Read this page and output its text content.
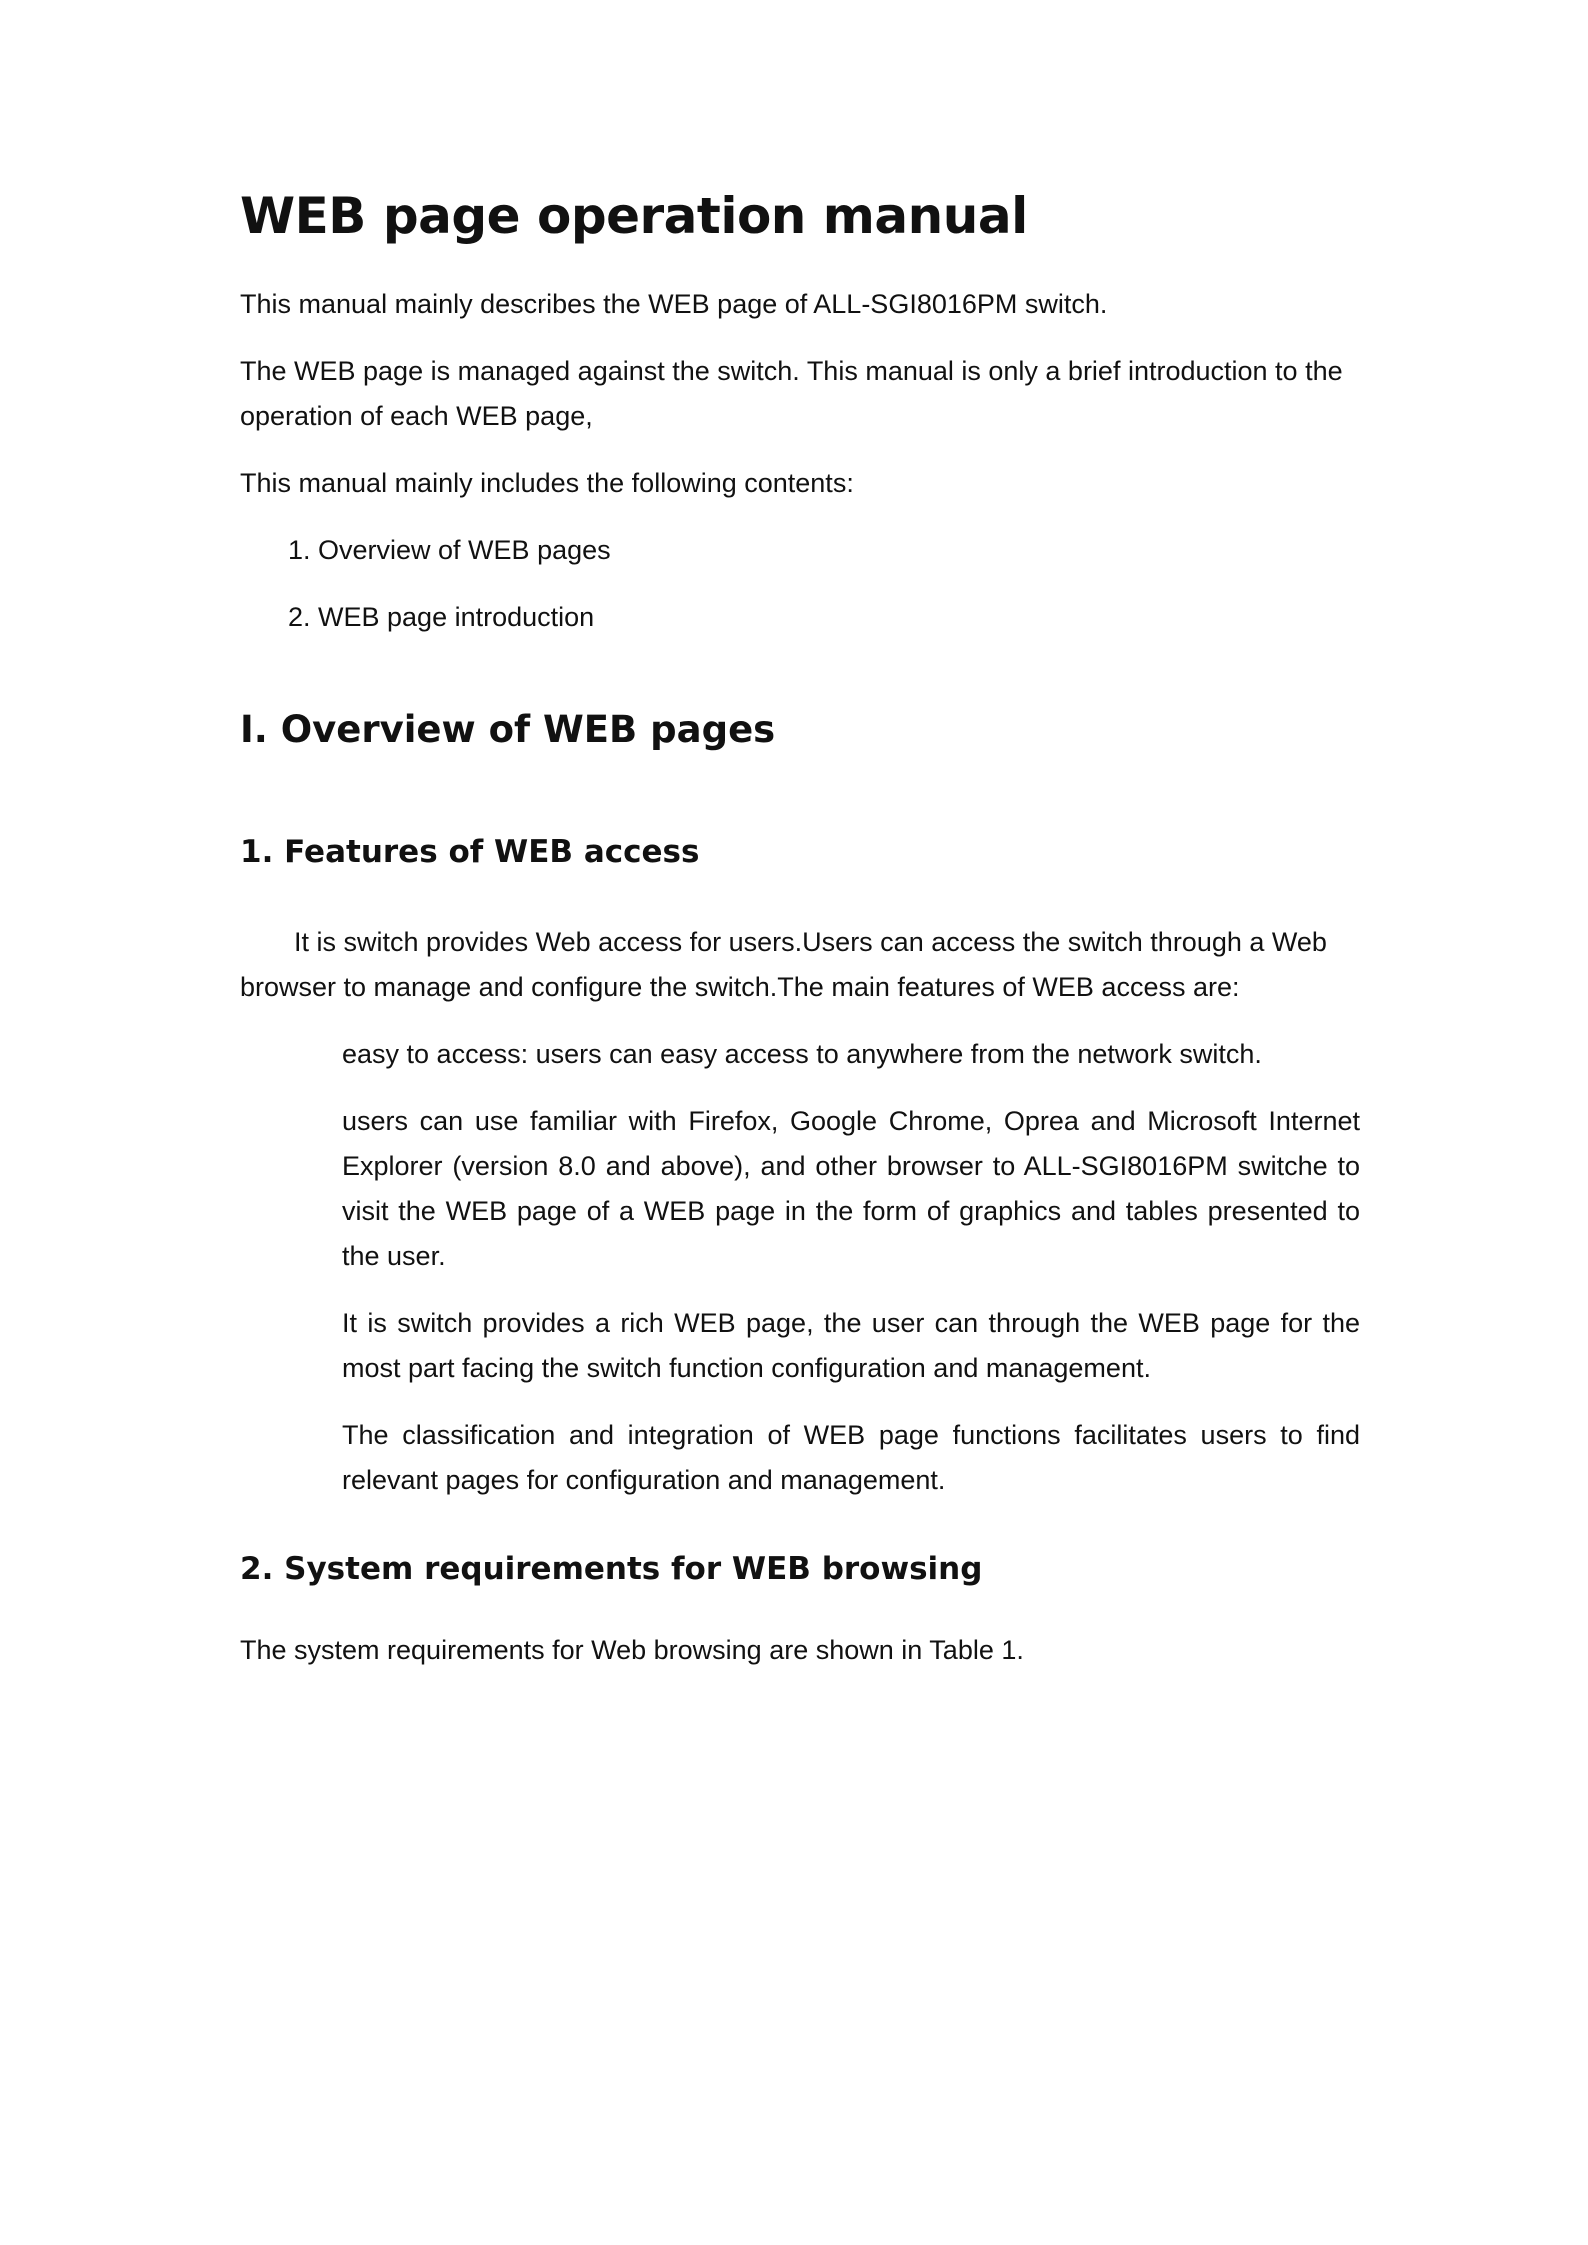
WEB page operation manual

This manual mainly describes the WEB page of ALL-SGI8016PM switch.

The WEB page is managed against the switch. This manual is only a brief introduction to the operation of each WEB page,

This manual mainly includes the following contents:

1. Overview of WEB pages
2. WEB page introduction
I. Overview of WEB pages
1. Features of WEB access

It is switch provides Web access for users.Users can access the switch through a Web browser to manage and configure the switch.The main features of WEB access are:

easy to access: users can easy access to anywhere from the network switch.
users can use familiar with Firefox, Google Chrome, Oprea and Microsoft Internet Explorer (version 8.0 and above), and other browser to ALL-SGI8016PM switche to visit the WEB page of a WEB page in the form of graphics and tables presented to the user.
It is switch provides a rich WEB page, the user can through the WEB page for the most part facing the switch function configuration and management.
The classification and integration of WEB page functions facilitates users to find relevant pages for configuration and management.
2. System requirements for WEB browsing

The system requirements for Web browsing are shown in Table 1.
